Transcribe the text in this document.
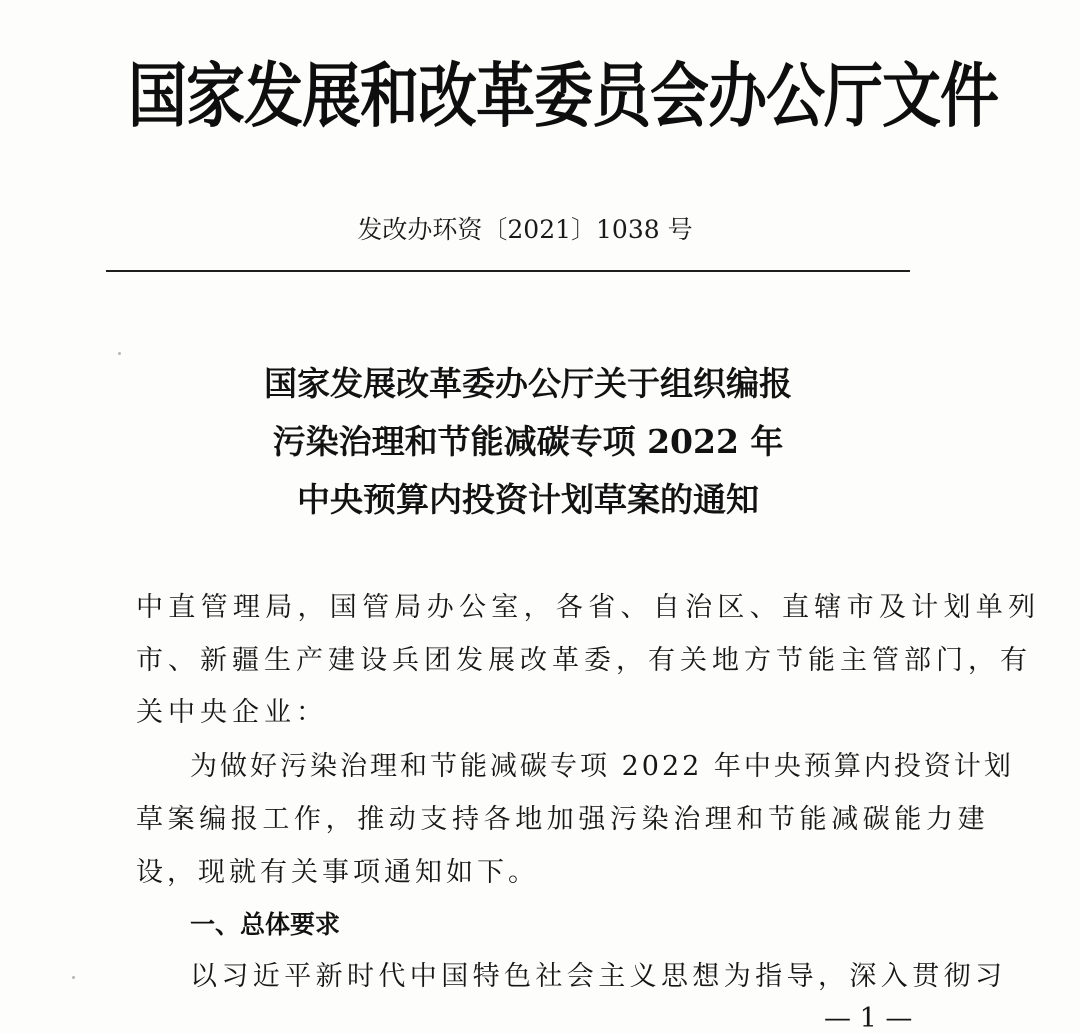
国家发展和改革委员会办公厅文件
发改办环资〔2021〕1038 号
国家发展改革委办公厅关于组织编报
污染治理和节能减碳专项 2022 年
中央预算内投资计划草案的通知
中直管理局，国管局办公室，各省、自治区、直辖市及计划单列
市、新疆生产建设兵团发展改革委，有关地方节能主管部门，有
关中央企业：
为做好污染治理和节能减碳专项 2022 年中央预算内投资计划
草案编报工作，推动支持各地加强污染治理和节能减碳能力建
设，现就有关事项通知如下。
一、总体要求
以习近平新时代中国特色社会主义思想为指导，深入贯彻习
— 1 —
